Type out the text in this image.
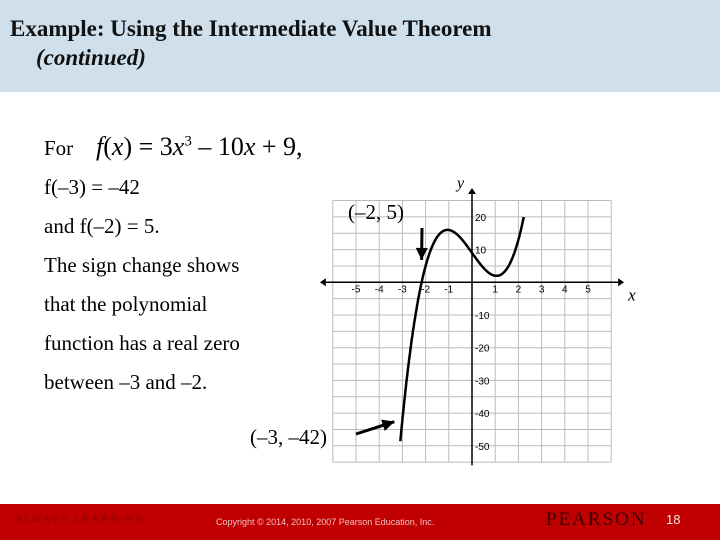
Example: Using the Intermediate Value Theorem
(continued)
For $f(x) = 3x^3 - 10x + 9$,
f(–3) = –42
and f(–2) = 5.
The sign change shows
that the polynomial
function has a real zero
between –3 and –2.
-5 -4 -3 -2 -1	1 2 3 4 5
20
10
-10
-20
-30
-40
-50
y
x
(–2, 5)
(–3, –42)
ALWAYS LEARNING	Copyright © 2014, 2010, 2007 Pearson Education, Inc.	PEARSON 18
